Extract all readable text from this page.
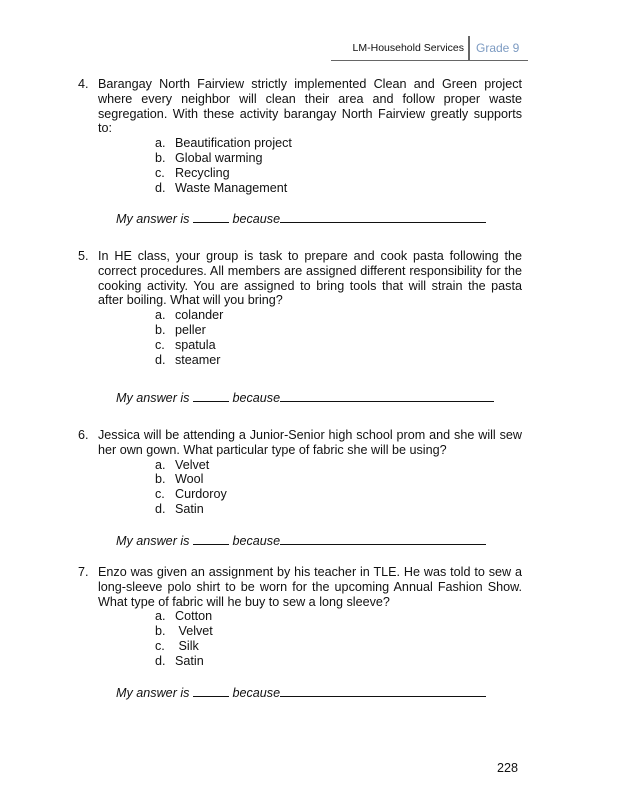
LM-Household Services Grade 9
4. Barangay North Fairview strictly implemented Clean and Green project where every neighbor will clean their area and follow proper waste segregation. With these activity barangay North Fairview greatly supports to:
a. Beautification project
b. Global warming
c. Recycling
d. Waste Management
My answer is	because
5. In HE class, your group is task to prepare and cook pasta following the correct procedures. All members are assigned different responsibility for the cooking activity. You are assigned to bring tools that will strain the pasta after boiling. What will you bring?
a. colander
b. peller
c. spatula
d. steamer
My answer is	because
6. Jessica will be attending a Junior-Senior high school prom and she will sew her own gown. What particular type of fabric she will be using?
a. Velvet
b. Wool
c. Curdoroy
d. Satin
My answer is	because
7. Enzo was given an assignment by his teacher in TLE. He was told to sew a long-sleeve polo shirt to be worn for the upcoming Annual Fashion Show. What type of fabric will he buy to sew a long sleeve?
a. Cotton
b. Velvet
c. Silk
d. Satin
My answer is	because
228
